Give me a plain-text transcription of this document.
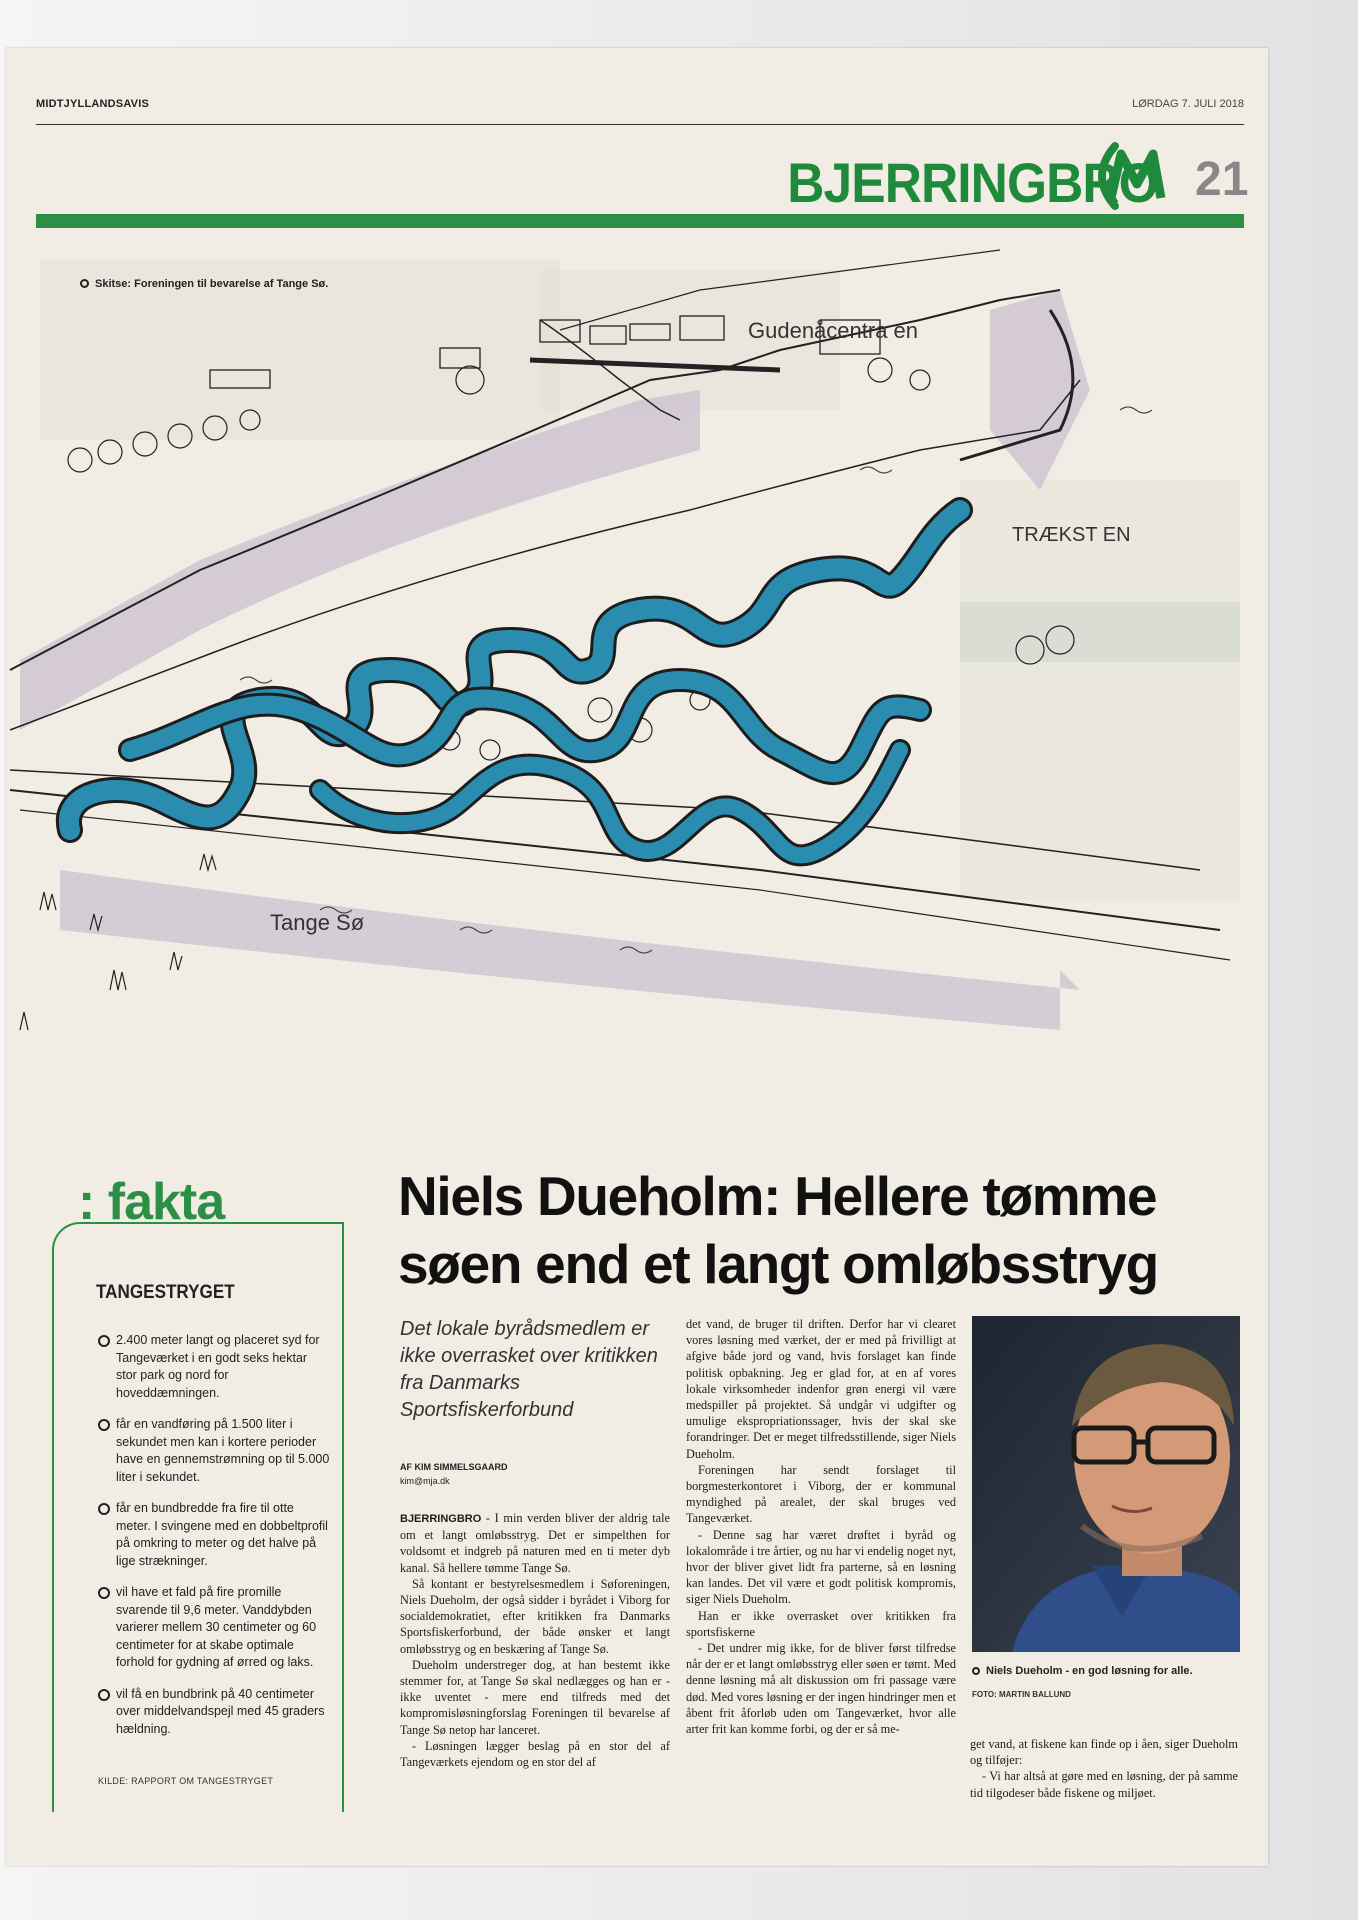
MIDTJYLLANDSAVIS	LØRDAG 7. JULI 2018
BJERRINGBRO 21
Skitse: Foreningen til bevarelse af Tange Sø.
Gudenåcentra en
TRÆKST EN
Tange Sø
: fakta
TANGESTRYGET
2.400 meter langt og placeret syd for Tangeværket i en godt seks hektar stor park og nord for hoveddæmningen.
får en vandføring på 1.500 liter i sekundet men kan i kortere perioder have en gennemstrømning op til 5.000 liter i sekundet.
får en bundbredde fra fire til otte meter. I svingene med en dobbeltprofil på omkring to meter og det halve på lige strækninger.
vil have et fald på fire promille svarende til 9,6 meter. Vanddybden varierer mellem 30 centimeter og 60 centimeter for at skabe optimale forhold for gydning af ørred og laks.
vil få en bundbrink på 40 centimeter over middelvandspejl med 45 graders hældning.
KILDE: RAPPORT OM TANGESTRYGET
Niels Dueholm: Hellere tømme søen end et langt omløbsstryg
Det lokale byrådsmedlem er ikke overrasket over kritikken fra Danmarks Sportsfiskerforbund
AF KIM SIMMELSGAARD
kim@mja.dk

BJERRINGBRO - I min verden bliver der aldrig tale om et langt omløbsstryg. Det er simpelthen for voldsomt et indgreb på naturen med en ti meter dyb kanal. Så hellere tømme Tange Sø.

Så kontant er bestyrelsesmedlem i Søforeningen, Niels Dueholm, der også sidder i byrådet i Viborg for socialdemokratiet, efter kritikken fra Danmarks Sportsfiskerforbund, der både ønsker et langt omløbsstryg og en beskæring af Tange Sø.

Dueholm understreger dog, at han bestemt ikke stemmer for, at Tange Sø skal nedlægges og han er - ikke uventet - mere end tilfreds med det kompromisløsningforslag Foreningen til bevarelse af Tange Sø netop har lanceret.

- Løsningen lægger beslag på en stor del af Tangeværkets ejendom og en stor del af

det vand, de bruger til driften. Derfor har vi clearet vores løsning med værket, der er med på frivilligt at afgive både jord og vand, hvis forslaget kan finde politisk opbakning. Jeg er glad for, at en af vores lokale virksomheder indenfor grøn energi vil være medspiller på projektet. Så undgår vi udgifter og umulige ekspropriationssager, hvis der skal ske forandringer. Det er meget tilfredsstillende, siger Niels Dueholm.

Foreningen har sendt forslaget til borgmesterkontoret i Viborg, der er kommunal myndighed på arealet, der skal bruges ved Tangeværket.

- Denne sag har været drøftet i byråd og lokalområde i tre årtier, og nu har vi endelig noget nyt, hvor der bliver givet lidt fra parterne, så en løsning kan landes. Det vil være et godt politisk kompromis, siger Niels Dueholm.

Han er ikke overrasket over kritikken fra sportsfiskerne

- Det undrer mig ikke, for de bliver først tilfredse når der er et langt omløbsstryg eller søen er tømt. Med denne løsning må alt diskussion om fri passage være død. Med vores løsning er der ingen hindringer men et åbent frit åforløb uden om Tangeværket, hvor alle arter frit kan komme forbi, og der er så me-

Niels Dueholm - en god løsning for alle.
FOTO: MARTIN BALLUND

get vand, at fiskene kan finde op i åen, siger Dueholm og tilføjer:

- Vi har altså at gøre med en løsning, der på samme tid tilgodeser både fiskene og miljøet.
